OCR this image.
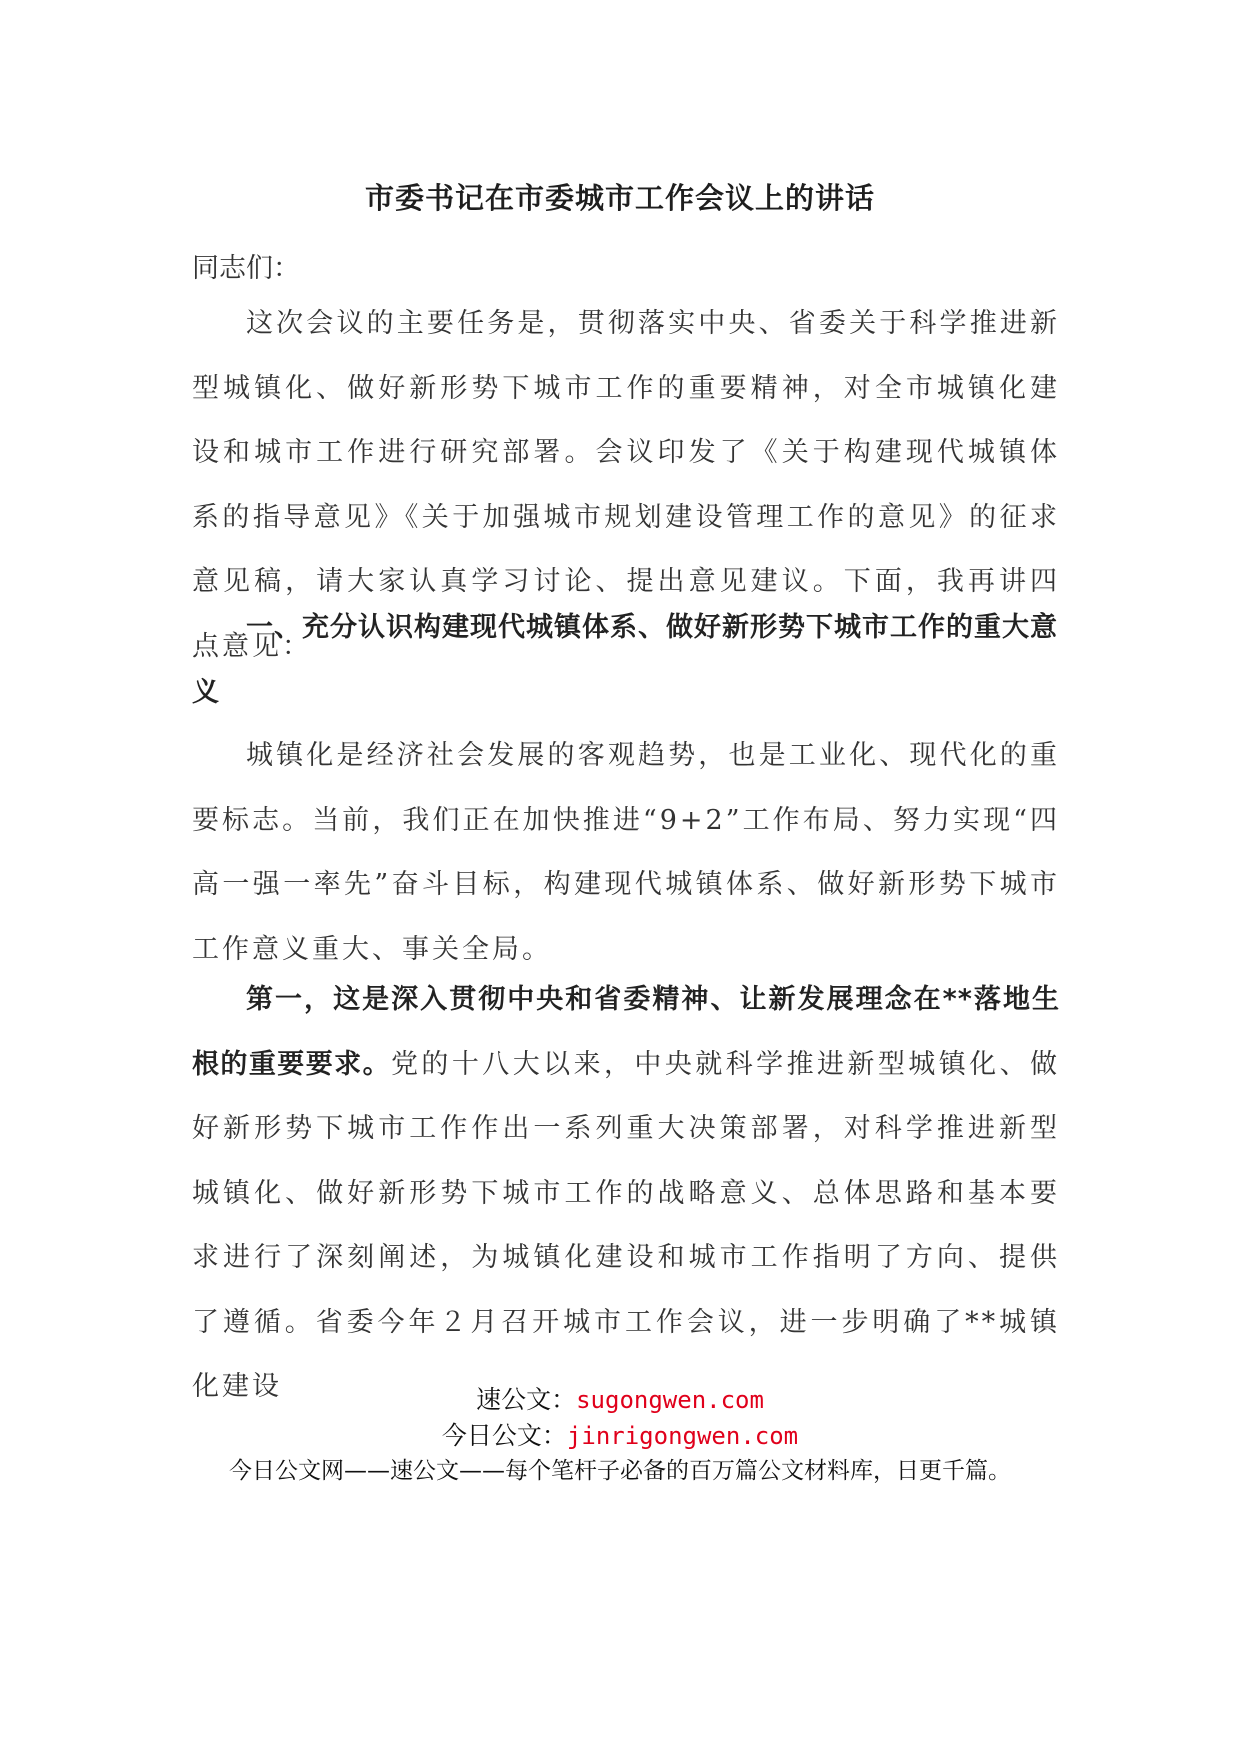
市委书记在市委城市工作会议上的讲话
同志们：

这次会议的主要任务是，贯彻落实中央、省委关于科学推进新型城镇化、做好新形势下城市工作的重要精神，对全市城镇化建设和城市工作进行研究部署。会议印发了《关于构建现代城镇体系的指导意见》《关于加强城市规划建设管理工作的意见》的征求意见稿，请大家认真学习讨论、提出意见建议。下面，我再讲四点意见：

一、充分认识构建现代城镇体系、做好新形势下城市工作的重大意义

城镇化是经济社会发展的客观趋势，也是工业化、现代化的重要标志。当前，我们正在加快推进“9+2”工作布局、努力实现“四高一强一率先”奋斗目标，构建现代城镇体系、做好新形势下城市工作意义重大、事关全局。

第一，这是深入贯彻中央和省委精神、让新发展理念在**落地生根的重要要求。党的十八大以来，中央就科学推进新型城镇化、做好新形势下城市工作作出一系列重大决策部署，对科学推进新型城镇化、做好新形势下城市工作的战略意义、总体思路和基本要求进行了深刻阐述，为城镇化建设和城市工作指明了方向、提供了遵循。省委今年２月召开城市工作会议，进一步明确了**城镇化建设	速公文：sugongwen.com
今日公文：jinrigongwen.com
今日公文网——速公文——每个笔杆子必备的百万篇公文材料库，日更千篇。
